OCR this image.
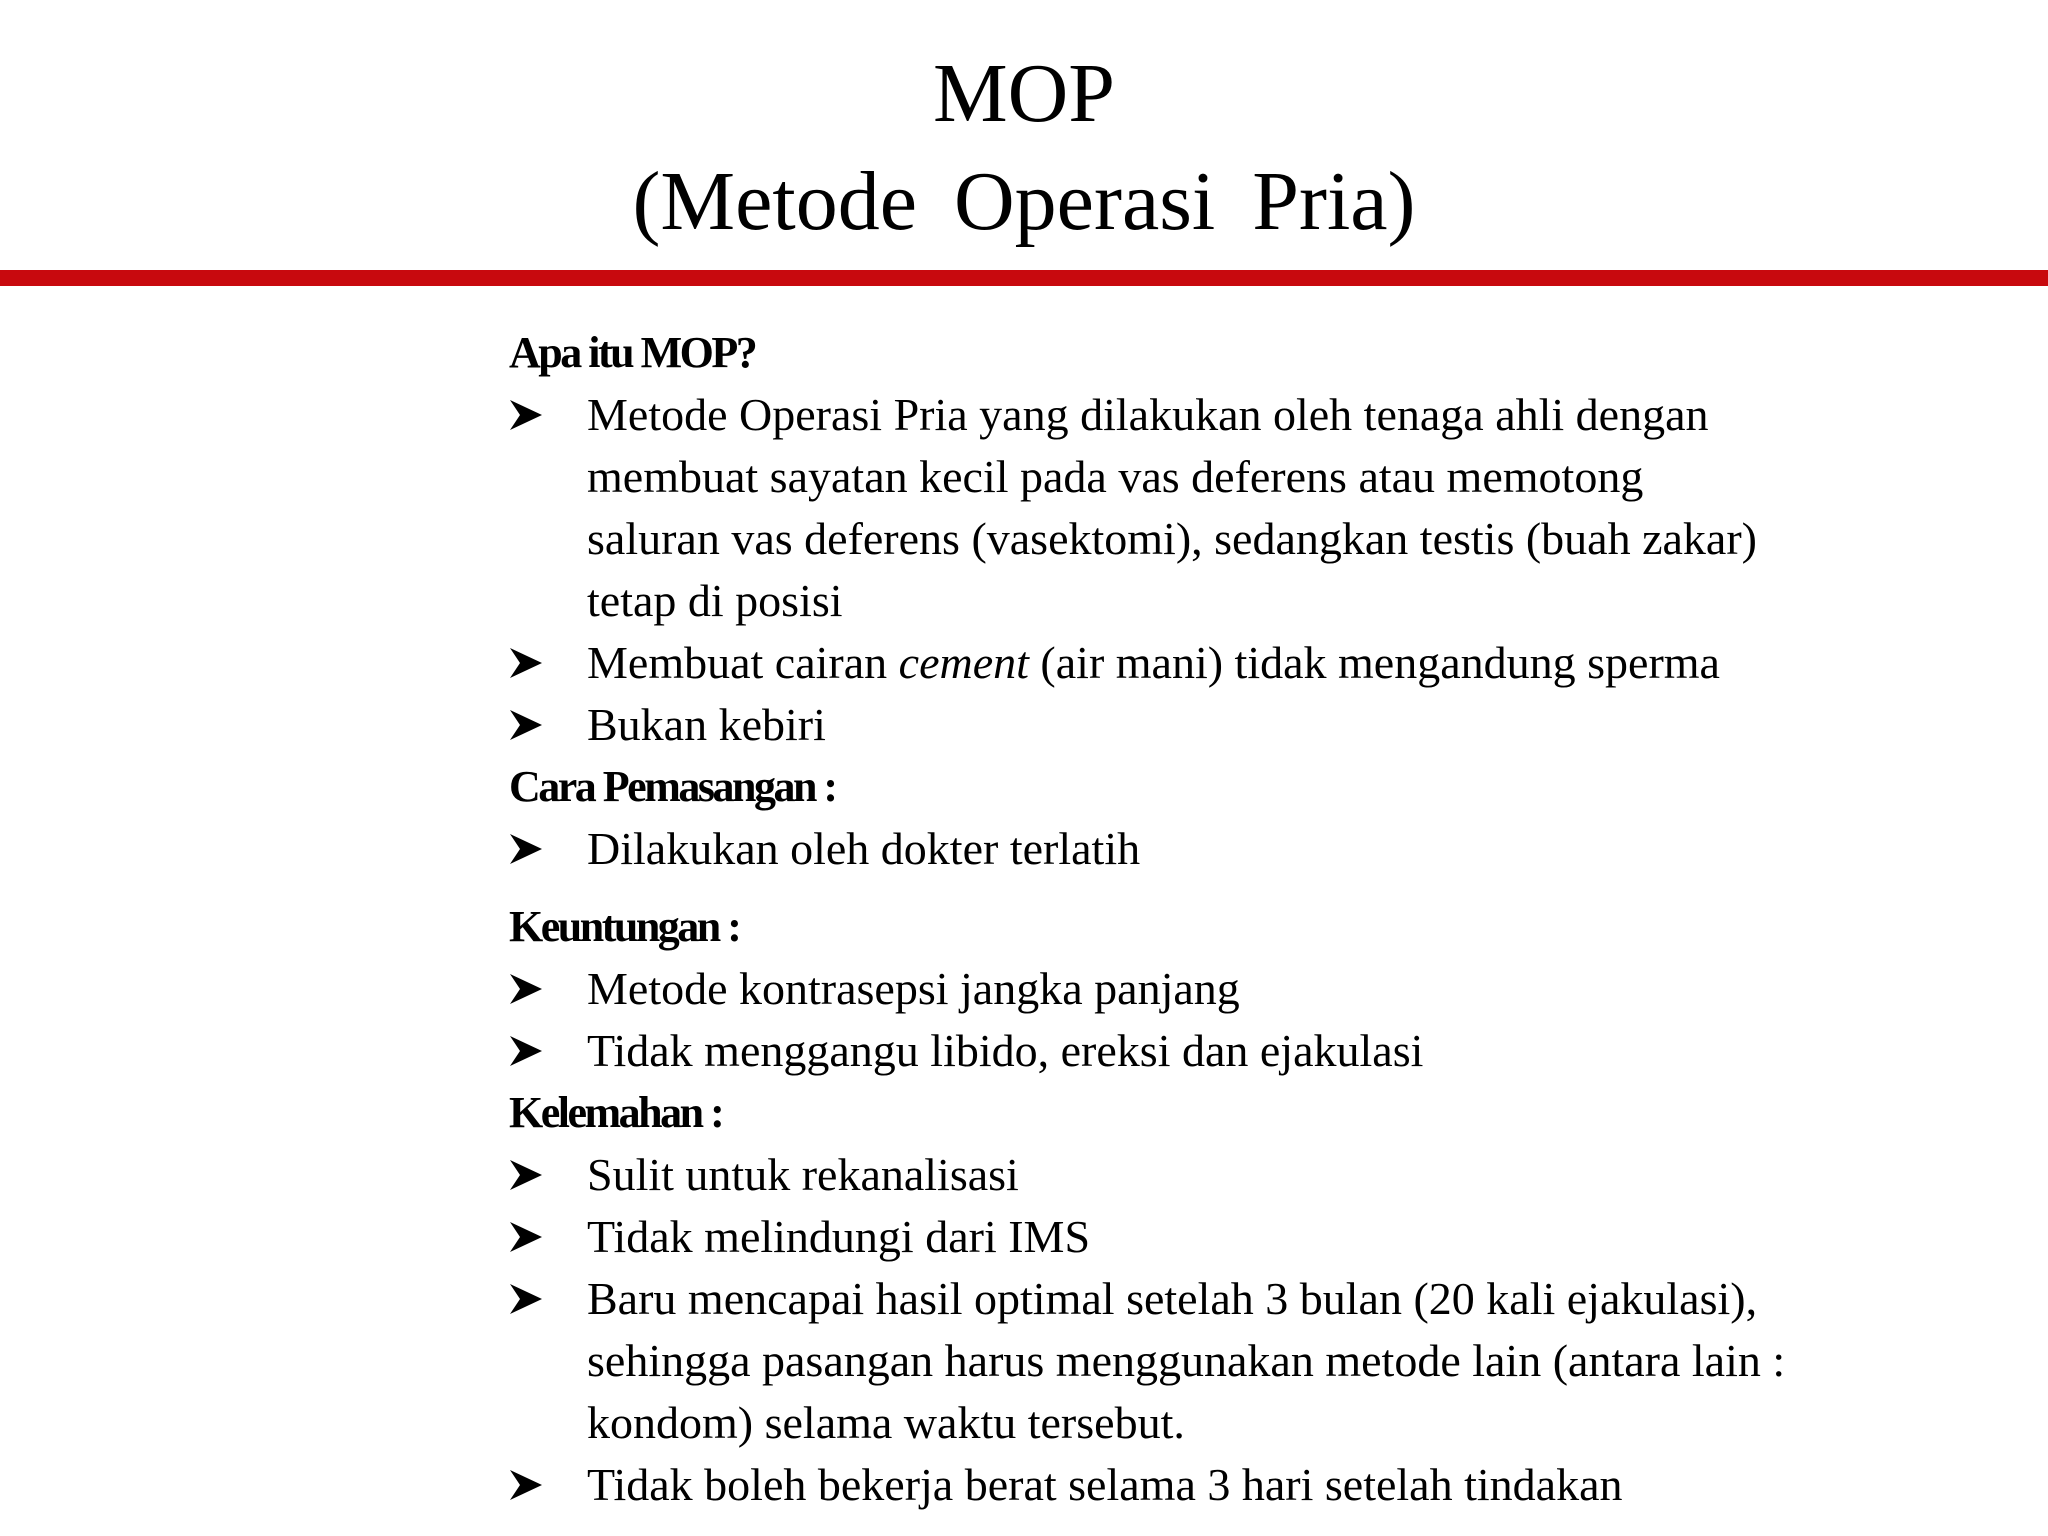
MOP
(Metode Operasi Pria)
Apa itu MOP?
Metode Operasi Pria yang dilakukan oleh tenaga ahli dengan
membuat sayatan kecil pada vas deferens atau memotong
saluran vas deferens (vasektomi), sedangkan testis (buah zakar)
tetap di posisi
Membuat cairan cement (air mani) tidak mengandung sperma
Bukan kebiri
Cara Pemasangan :
Dilakukan oleh dokter terlatih
Keuntungan :
Metode kontrasepsi jangka panjang
Tidak menggangu libido, ereksi dan ejakulasi
Kelemahan :
Sulit untuk rekanalisasi
Tidak melindungi dari IMS
Baru mencapai hasil optimal setelah 3 bulan (20 kali ejakulasi),
sehingga pasangan harus menggunakan metode lain (antara lain :
kondom) selama waktu tersebut.
Tidak boleh bekerja berat selama 3 hari setelah tindakan
